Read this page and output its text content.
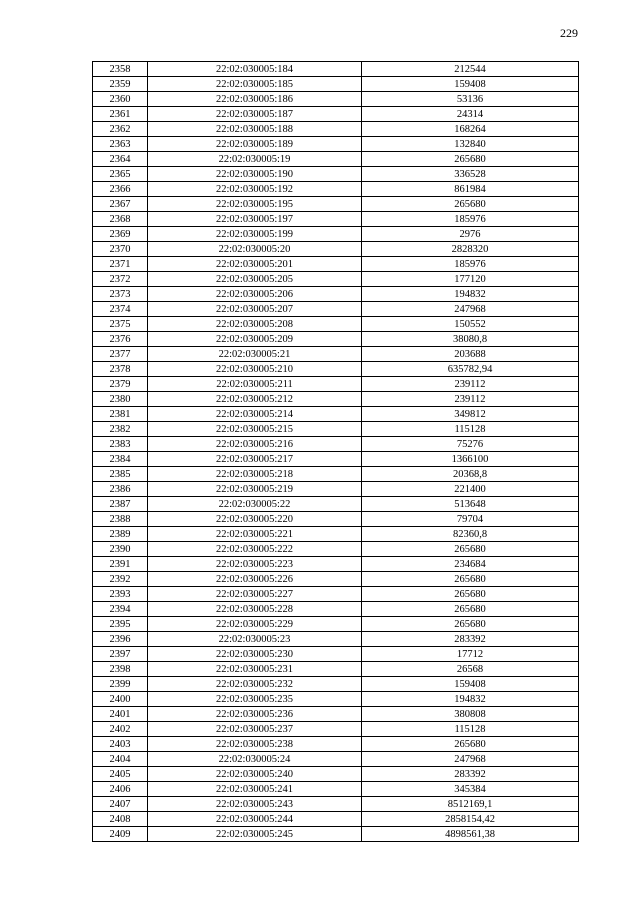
229
2358	22:02:030005:184	212544
2359	22:02:030005:185	159408
2360	22:02:030005:186	53136
2361	22:02:030005:187	24314
2362	22:02:030005:188	168264
2363	22:02:030005:189	132840
2364	22:02:030005:19	265680
2365	22:02:030005:190	336528
2366	22:02:030005:192	861984
2367	22:02:030005:195	265680
2368	22:02:030005:197	185976
2369	22:02:030005:199	2976
2370	22:02:030005:20	2828320
2371	22:02:030005:201	185976
2372	22:02:030005:205	177120
2373	22:02:030005:206	194832
2374	22:02:030005:207	247968
2375	22:02:030005:208	150552
2376	22:02:030005:209	38080,8
2377	22:02:030005:21	203688
2378	22:02:030005:210	635782,94
2379	22:02:030005:211	239112
2380	22:02:030005:212	239112
2381	22:02:030005:214	349812
2382	22:02:030005:215	115128
2383	22:02:030005:216	75276
2384	22:02:030005:217	1366100
2385	22:02:030005:218	20368,8
2386	22:02:030005:219	221400
2387	22:02:030005:22	513648
2388	22:02:030005:220	79704
2389	22:02:030005:221	82360,8
2390	22:02:030005:222	265680
2391	22:02:030005:223	234684
2392	22:02:030005:226	265680
2393	22:02:030005:227	265680
2394	22:02:030005:228	265680
2395	22:02:030005:229	265680
2396	22:02:030005:23	283392
2397	22:02:030005:230	17712
2398	22:02:030005:231	26568
2399	22:02:030005:232	159408
2400	22:02:030005:235	194832
2401	22:02:030005:236	380808
2402	22:02:030005:237	115128
2403	22:02:030005:238	265680
2404	22:02:030005:24	247968
2405	22:02:030005:240	283392
2406	22:02:030005:241	345384
2407	22:02:030005:243	8512169,1
2408	22:02:030005:244	2858154,42
2409	22:02:030005:245	4898561,38
